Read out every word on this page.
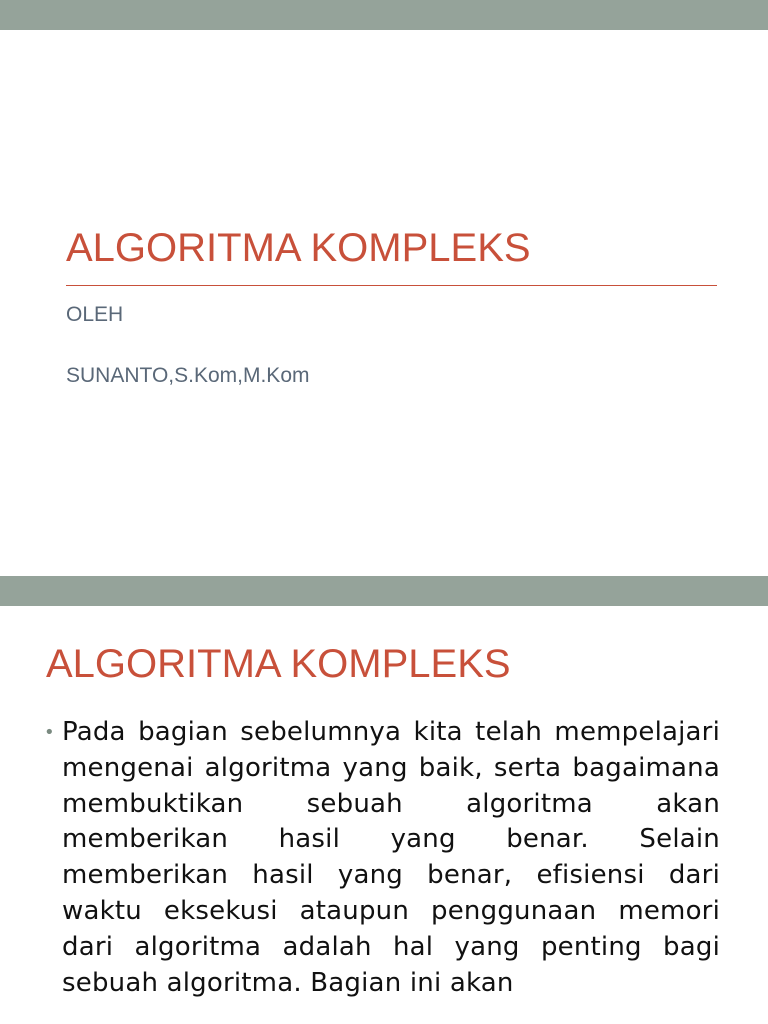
ALGORITMA KOMPLEKS

OLEH

SUNANTO,S.Kom,M.Kom

ALGORITMA KOMPLEKS
• Pada bagian sebelumnya kita telah mempelajari mengenai algoritma yang baik, serta bagaimana membuktikan sebuah algoritma akan memberikan hasil yang benar. Selain memberikan hasil yang benar, efisiensi dari waktu eksekusi ataupun penggunaan memori dari algoritma adalah hal yang penting bagi sebuah algoritma. Bagian ini akan
